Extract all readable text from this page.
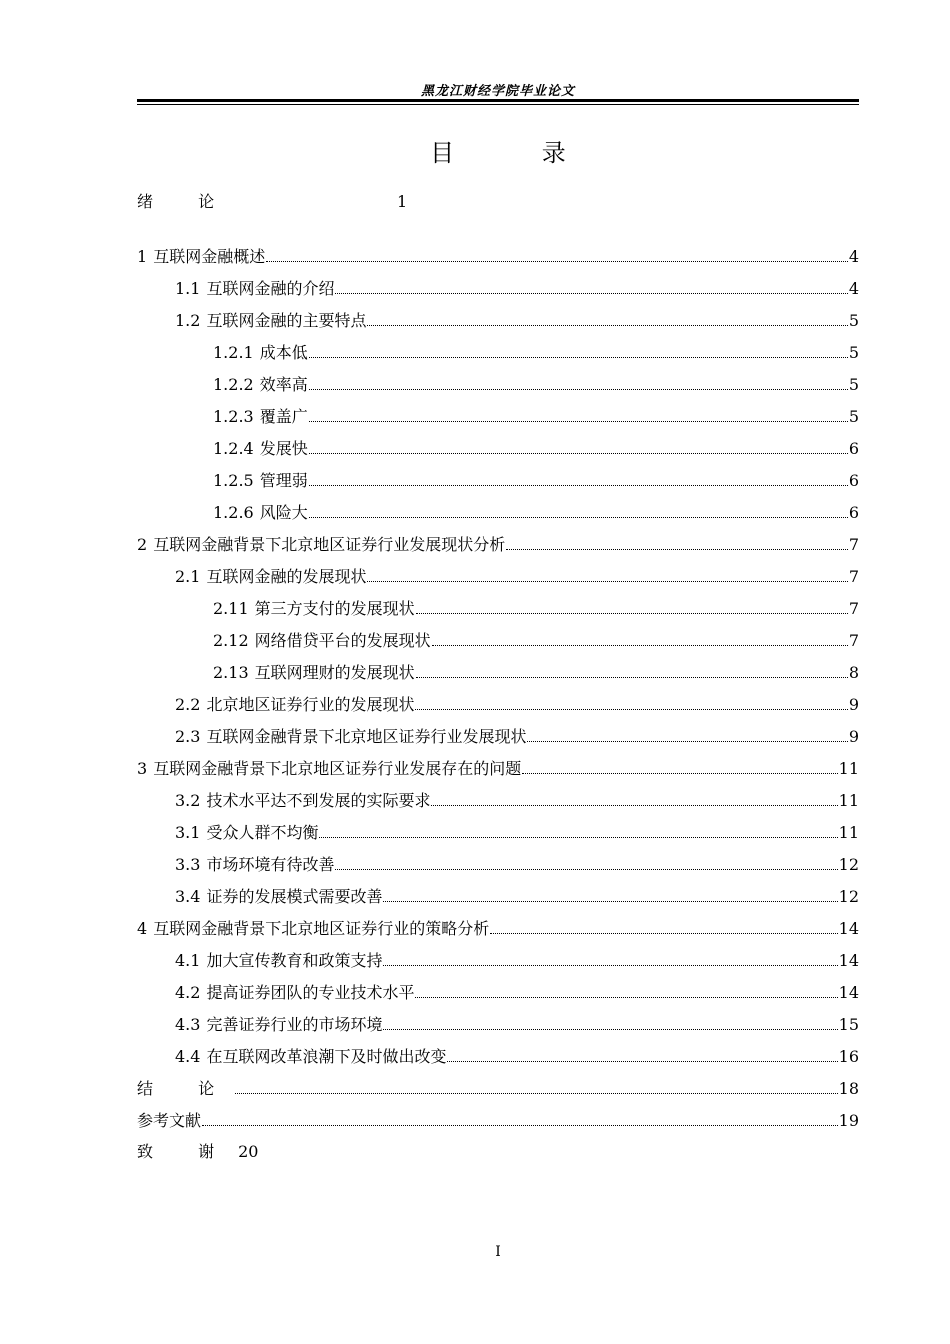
黑龙江财经学院毕业论文
目 录
绪 论	1
1 互联网金融概述	4
1.1 互联网金融的介绍	4
1.2 互联网金融的主要特点	5
1.2.1 成本低	5
1.2.2 效率高	5
1.2.3 覆盖广	5
1.2.4 发展快	6
1.2.5 管理弱	6
1.2.6 风险大	6
2 互联网金融背景下北京地区证券行业发展现状分析	7
2.1 互联网金融的发展现状	7
2.11 第三方支付的发展现状	7
2.12 网络借贷平台的发展现状	7
2.13 互联网理财的发展现状	8
2.2 北京地区证券行业的发展现状	9
2.3 互联网金融背景下北京地区证券行业发展现状	9
3 互联网金融背景下北京地区证券行业发展存在的问题	11
3.2 技术水平达不到发展的实际要求	11
3.1 受众人群不均衡	11
3.3 市场环境有待改善	12
3.4 证券的发展模式需要改善	12
4 互联网金融背景下北京地区证券行业的策略分析	14
4.1 加大宣传教育和政策支持	14
4.2 提高证券团队的专业技术水平	14
4.3 完善证券行业的市场环境	15
4.4 在互联网改革浪潮下及时做出改变	16
结 论	18
参考文献	19
致 谢 20
I
